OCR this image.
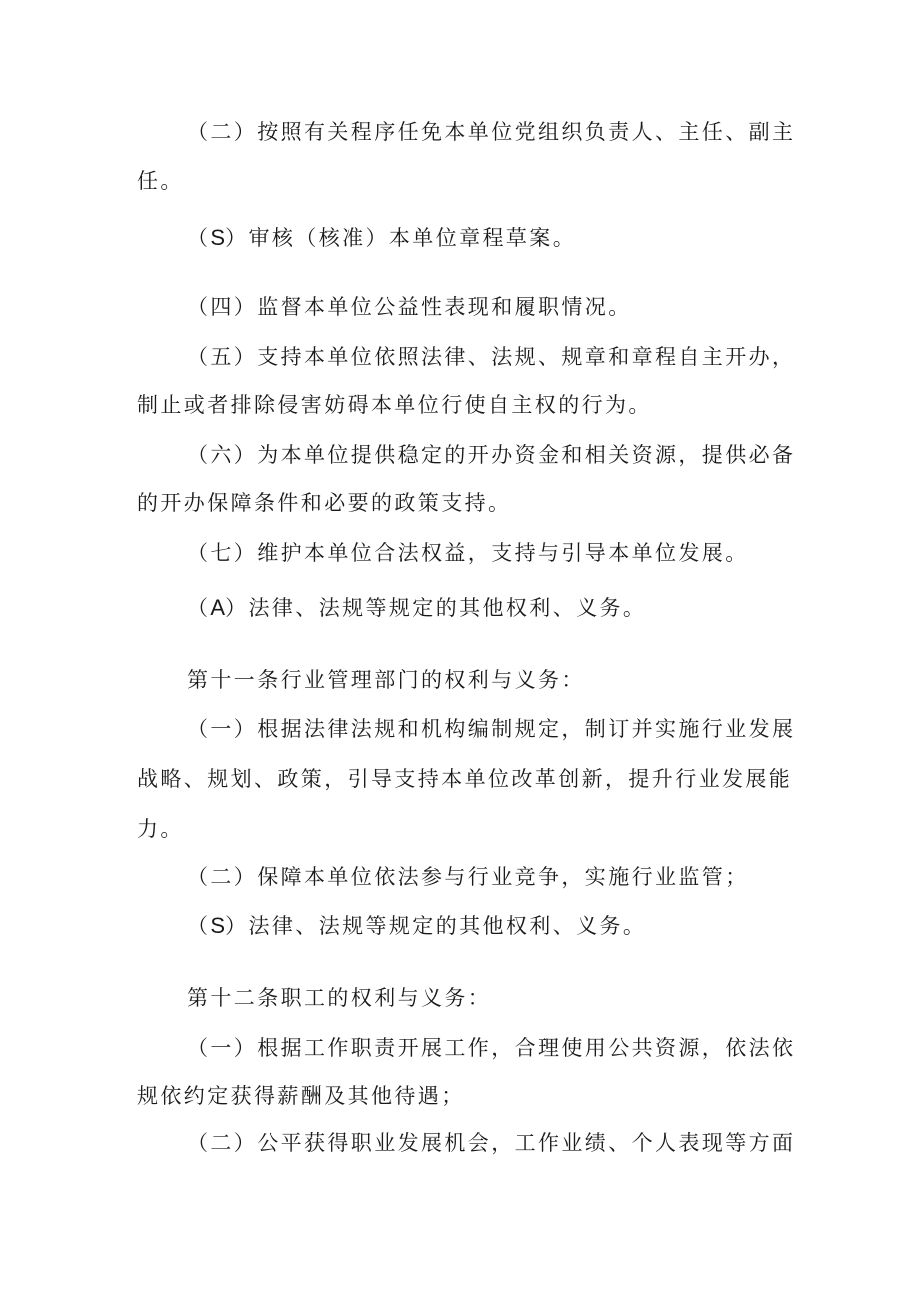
（二）按照有关程序任免本单位党组织负责人、主任、副主

任。

（S）审核（核准）本单位章程草案。

（四）监督本单位公益性表现和履职情况。

（五）支持本单位依照法律、法规、规章和章程自主开办，

制止或者排除侵害妨碍本单位行使自主权的行为。

（六）为本单位提供稳定的开办资金和相关资源，提供必备

的开办保障条件和必要的政策支持。

（七）维护本单位合法权益，支持与引导本单位发展。

（A）法律、法规等规定的其他权利、义务。

第十一条行业管理部门的权利与义务：

（一）根据法律法规和机构编制规定，制订并实施行业发展

战略、规划、政策，引导支持本单位改革创新，提升行业发展能

力。

（二）保障本单位依法参与行业竞争，实施行业监管；

（S）法律、法规等规定的其他权利、义务。

第十二条职工的权利与义务：

（一）根据工作职责开展工作，合理使用公共资源，依法依

规依约定获得薪酬及其他待遇；

（二）公平获得职业发展机会，工作业绩、个人表现等方面
